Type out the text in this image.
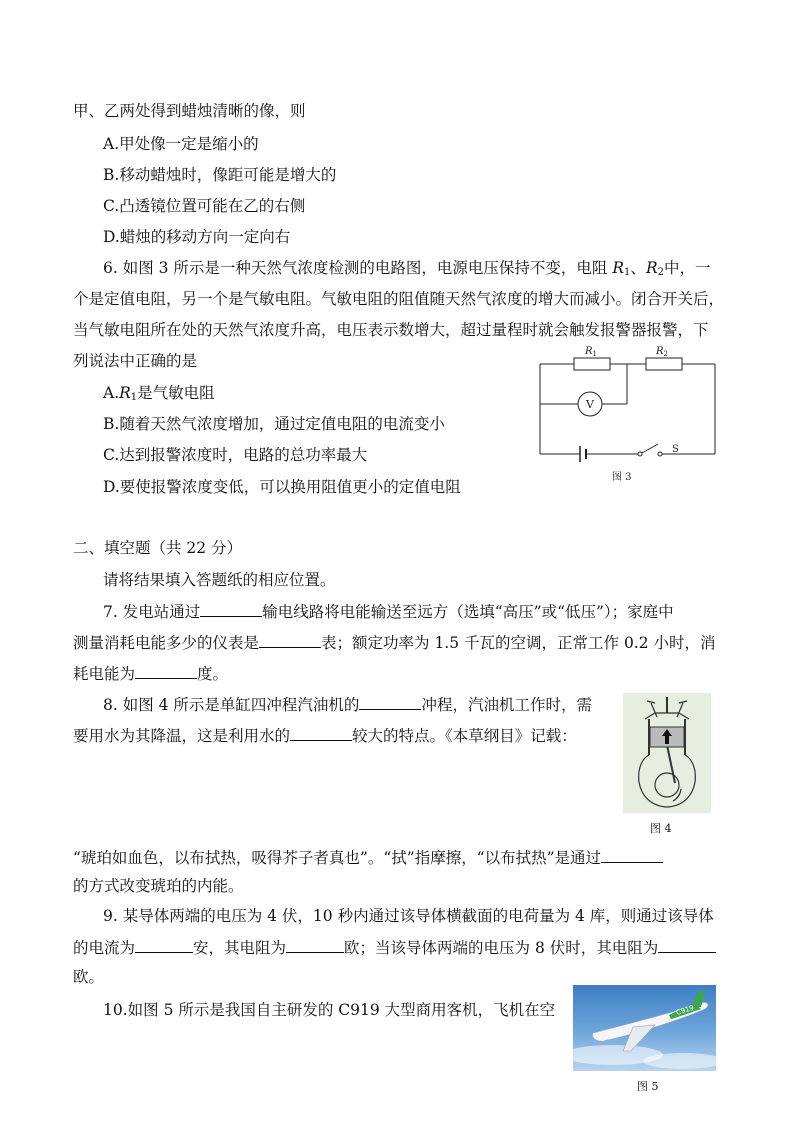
甲、乙两处得到蜡烛清晰的像，则
A.甲处像一定是缩小的
B.移动蜡烛时，像距可能是增大的
C.凸透镜位置可能在乙的右侧
D.蜡烛的移动方向一定向右
6. 如图 3 所示是一种天然气浓度检测的电路图，电源电压保持不变，电阻 $R_1$、$R_2$中，一
个是定值电阻，另一个是气敏电阻。气敏电阻的阻值随天然气浓度的增大而减小。闭合开关后，
当气敏电阻所在处的天然气浓度升高，电压表示数增大，超过量程时就会触发报警器报警，下
列说法中正确的是
$A.R_1$是气敏电阻
B.随着天然气浓度增加，通过定值电阻的电流变小
C.达到报警浓度时，电路的总功率最大
D.要使报警浓度变低，可以换用阻值更小的定值电阻
$R_1$	$R_2$
V
S
图 3
二、填空题（共 22 分）
请将结果填入答题纸的相应位置。
7. 发电站通过	输电线路将电能输送至远方（选填“高压”或“低压”）；家庭中
测量消耗电能多少的仪表是	表；额定功率为 1.5 千瓦的空调，正常工作 0.2 小时，消
耗电能为	度。
8. 如图 4 所示是单缸四冲程汽油机的	冲程，汽油机工作时，需
要用水为其降温，这是利用水的	较大的特点。《本草纲目》记载：
图 4
“琥珀如血色，以布拭热，吸得芥子者真也”。“拭”指摩擦，“以布拭热”是通过
的方式改变琥珀的内能。
9. 某导体两端的电压为 4 伏，10 秒内通过该导体横截面的电荷量为 4 库，则通过该导体
的电流为	安，其电阻为	欧；当该导体两端的电压为 8 伏时，其电阻为
欧。
10.如图 5 所示是我国自主研发的 C919 大型商用客机，飞机在空	C919
图 5
